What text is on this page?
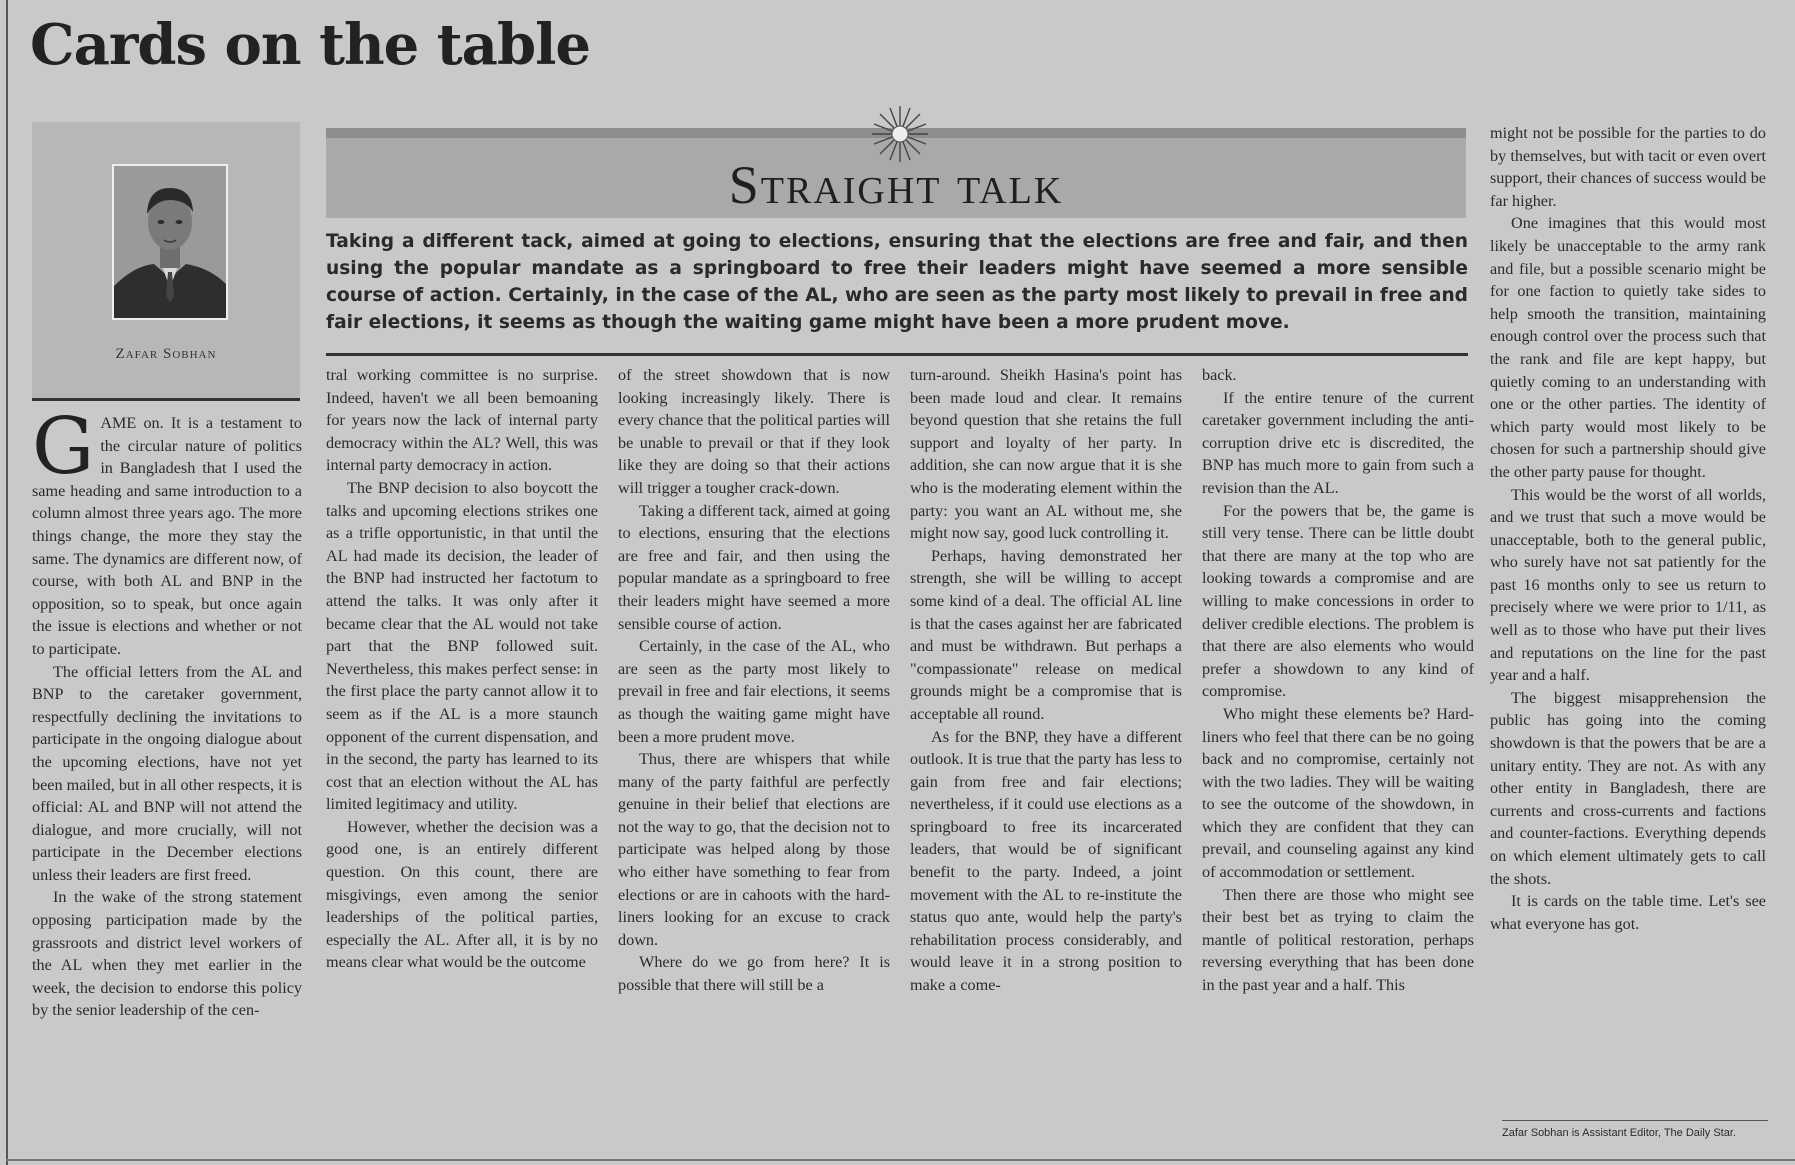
Cards on the table
Zafar Sobhan
Straight talk

Taking a different tack, aimed at going to elections, ensuring that the elections are free and fair, and then using the popular mandate as a springboard to free their leaders might have seemed a more sensible course of action. Certainly, in the case of the AL, who are seen as the party most likely to prevail in free and fair elections, it seems as though the waiting game might have been a more prudent move.

GAME on. It is a testament to the circular nature of politics in Bangladesh that I used the same heading and same introduction to a column almost three years ago. The more things change, the more they stay the same. The dynamics are different now, of course, with both AL and BNP in the opposition, so to speak, but once again the issue is elections and whether or not to participate.

The official letters from the AL and BNP to the caretaker government, respectfully declining the invitations to participate in the ongoing dialogue about the upcoming elections, have not yet been mailed, but in all other respects, it is official: AL and BNP will not attend the dialogue, and more crucially, will not participate in the December elections unless their leaders are first freed.

In the wake of the strong statement opposing participation made by the grassroots and district level workers of the AL when they met earlier in the week, the decision to endorse this policy by the senior leadership of the cen-

tral working committee is no surprise. Indeed, haven't we all been bemoaning for years now the lack of internal party democracy within the AL? Well, this was internal party democracy in action.

The BNP decision to also boycott the talks and upcoming elections strikes one as a trifle opportunistic, in that until the AL had made its decision, the leader of the BNP had instructed her factotum to attend the talks. It was only after it became clear that the AL would not take part that the BNP followed suit. Nevertheless, this makes perfect sense: in the first place the party cannot allow it to seem as if the AL is a more staunch opponent of the current dispensation, and in the second, the party has learned to its cost that an election without the AL has limited legitimacy and utility.

However, whether the decision was a good one, is an entirely different question. On this count, there are misgivings, even among the senior leaderships of the political parties, especially the AL. After all, it is by no means clear what would be the outcome

of the street showdown that is now looking increasingly likely. There is every chance that the political parties will be unable to prevail or that if they look like they are doing so that their actions will trigger a tougher crack-down.

Taking a different tack, aimed at going to elections, ensuring that the elections are free and fair, and then using the popular mandate as a springboard to free their leaders might have seemed a more sensible course of action.

Certainly, in the case of the AL, who are seen as the party most likely to prevail in free and fair elections, it seems as though the waiting game might have been a more prudent move.

Thus, there are whispers that while many of the party faithful are perfectly genuine in their belief that elections are not the way to go, that the decision not to participate was helped along by those who either have something to fear from elections or are in cahoots with the hard-liners looking for an excuse to crack down.

Where do we go from here? It is possible that there will still be a

turn-around. Sheikh Hasina's point has been made loud and clear. It remains beyond question that she retains the full support and loyalty of her party. In addition, she can now argue that it is she who is the moderating element within the party: you want an AL without me, she might now say, good luck controlling it.

Perhaps, having demonstrated her strength, she will be willing to accept some kind of a deal. The official AL line is that the cases against her are fabricated and must be withdrawn. But perhaps a "compassionate" release on medical grounds might be a compromise that is acceptable all round.

As for the BNP, they have a different outlook. It is true that the party has less to gain from free and fair elections; nevertheless, if it could use elections as a springboard to free its incarcerated leaders, that would be of significant benefit to the party. Indeed, a joint movement with the AL to re-institute the status quo ante, would help the party's rehabilitation process considerably, and would leave it in a strong position to make a come-

back.

If the entire tenure of the current caretaker government including the anti-corruption drive etc is discredited, the BNP has much more to gain from such a revision than the AL.

For the powers that be, the game is still very tense. There can be little doubt that there are many at the top who are looking towards a compromise and are willing to make concessions in order to deliver credible elections. The problem is that there are also elements who would prefer a showdown to any kind of compromise.

Who might these elements be? Hard-liners who feel that there can be no going back and no compromise, certainly not with the two ladies. They will be waiting to see the outcome of the showdown, in which they are confident that they can prevail, and counseling against any kind of accommodation or settlement.

Then there are those who might see their best bet as trying to claim the mantle of political restoration, perhaps reversing everything that has been done in the past year and a half. This

might not be possible for the parties to do by themselves, but with tacit or even overt support, their chances of success would be far higher.

One imagines that this would most likely be unacceptable to the army rank and file, but a possible scenario might be for one faction to quietly take sides to help smooth the transition, maintaining enough control over the process such that the rank and file are kept happy, but quietly coming to an understanding with one or the other parties. The identity of which party would most likely to be chosen for such a partnership should give the other party pause for thought.

This would be the worst of all worlds, and we trust that such a move would be unacceptable, both to the general public, who surely have not sat patiently for the past 16 months only to see us return to precisely where we were prior to 1/11, as well as to those who have put their lives and reputations on the line for the past year and a half.

The biggest misapprehension the public has going into the coming showdown is that the powers that be are a unitary entity. They are not. As with any other entity in Bangladesh, there are currents and cross-currents and factions and counter-factions. Everything depends on which element ultimately gets to call the shots.

It is cards on the table time. Let's see what everyone has got.

Zafar Sobhan is Assistant Editor, The Daily Star.
